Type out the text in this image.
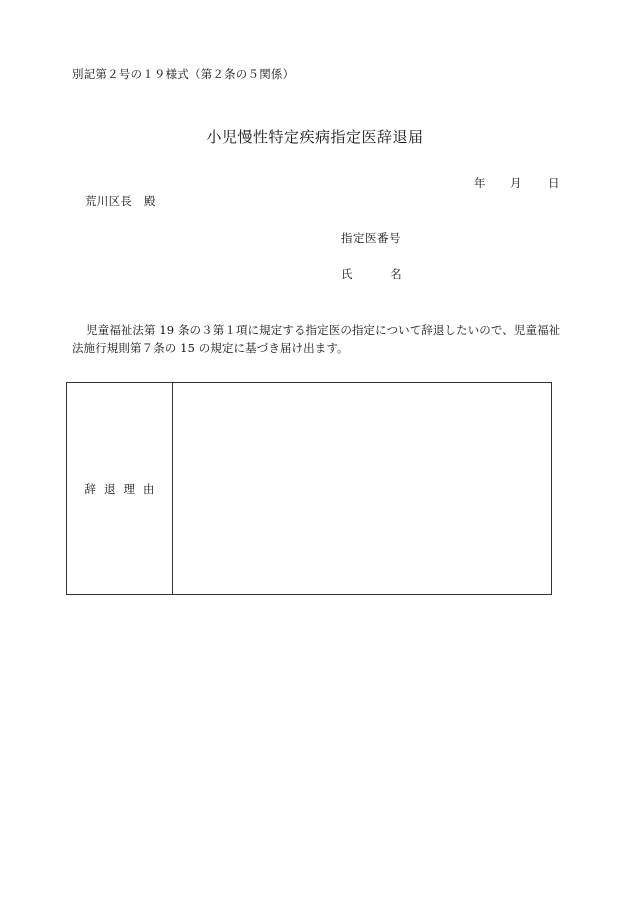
別記第２号の１９様式（第２条の５関係）
小児慢性特定疾病指定医辞退届
年 月 日
荒川区長　殿
指定医番号
氏 名
児童福祉法第 19 条の３第１項に規定する指定医の指定について辞退したいので、児童福祉法施行規則第７条の 15 の規定に基づき届け出ます。
辞退理由
